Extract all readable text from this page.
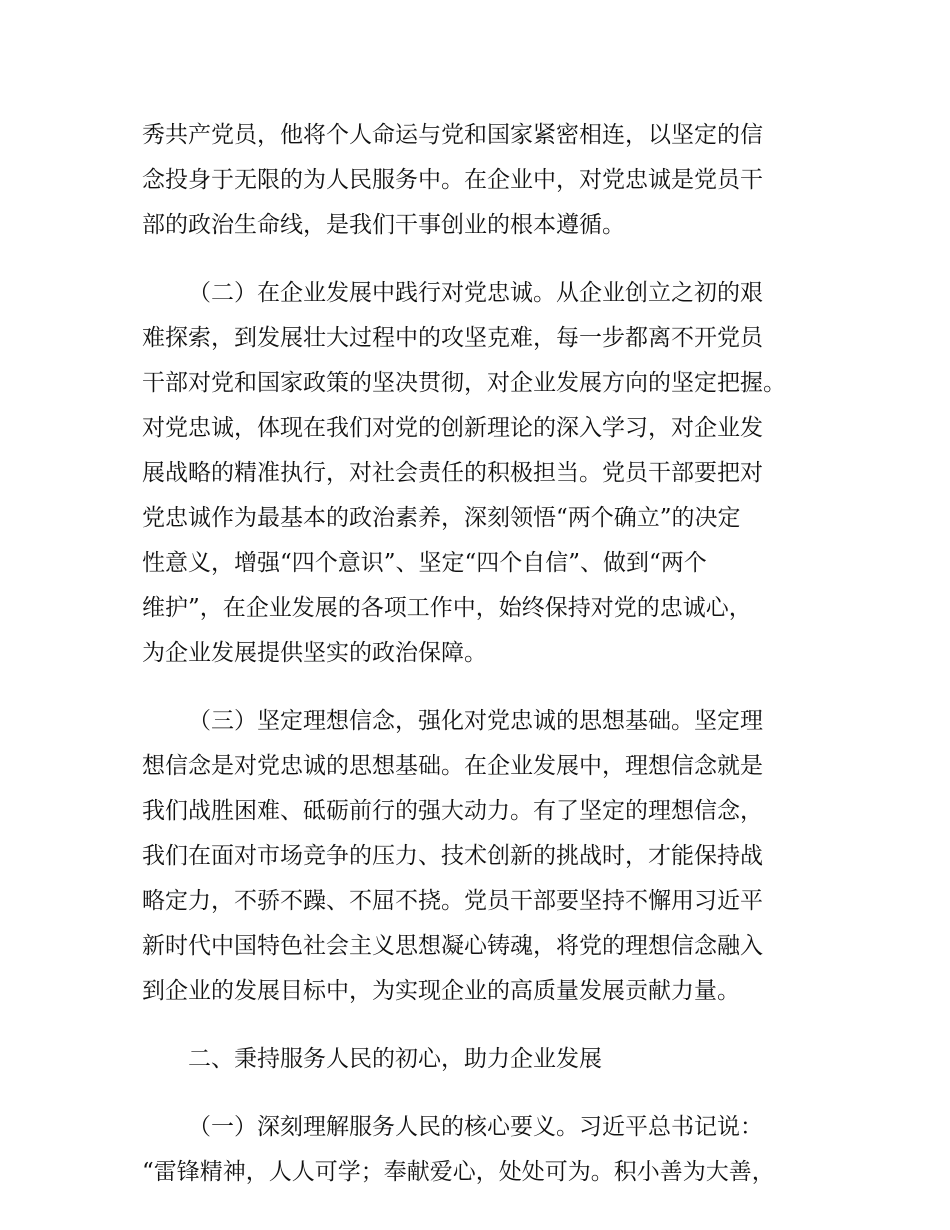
秀共产党员，他将个人命运与党和国家紧密相连，以坚定的信
念投身于无限的为人民服务中。在企业中，对党忠诚是党员干
部的政治生命线，是我们干事创业的根本遵循。
（二）在企业发展中践行对党忠诚。从企业创立之初的艰
难探索，到发展壮大过程中的攻坚克难，每一步都离不开党员
干部对党和国家政策的坚决贯彻，对企业发展方向的坚定把握。
对党忠诚，体现在我们对党的创新理论的深入学习，对企业发
展战略的精准执行，对社会责任的积极担当。党员干部要把对
党忠诚作为最基本的政治素养，深刻领悟“两个确立”的决定
性意义，增强“四个意识”、坚定“四个自信”、做到“两个
维护”，在企业发展的各项工作中，始终保持对党的忠诚心，
为企业发展提供坚实的政治保障。
（三）坚定理想信念，强化对党忠诚的思想基础。坚定理
想信念是对党忠诚的思想基础。在企业发展中，理想信念就是
我们战胜困难、砥砺前行的强大动力。有了坚定的理想信念，
我们在面对市场竞争的压力、技术创新的挑战时，才能保持战
略定力，不骄不躁、不屈不挠。党员干部要坚持不懈用习近平
新时代中国特色社会主义思想凝心铸魂，将党的理想信念融入
到企业的发展目标中，为实现企业的高质量发展贡献力量。
二、秉持服务人民的初心，助力企业发展
（一）深刻理解服务人民的核心要义。习近平总书记说：
“雷锋精神，人人可学；奉献爱心，处处可为。积小善为大善，
